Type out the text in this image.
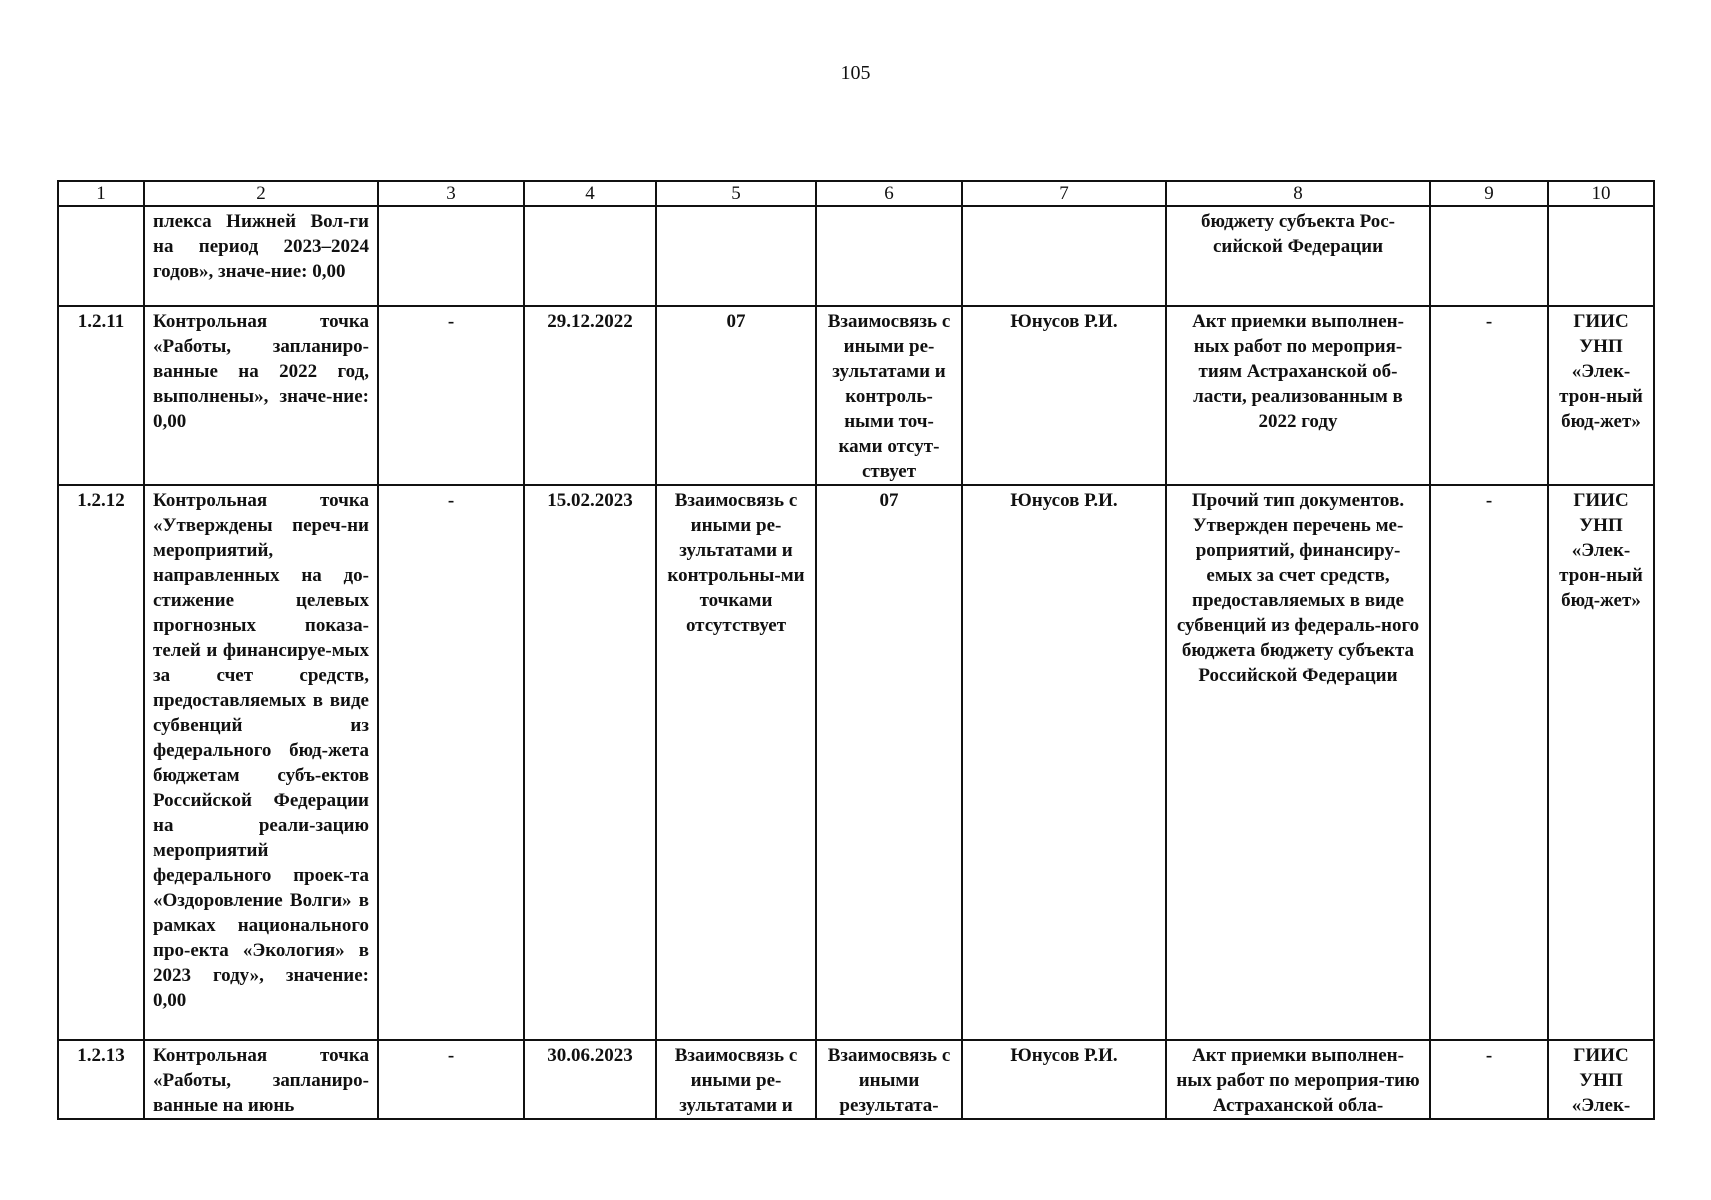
105
1	2	3	4	5	6	7	8	9	10
	плекса Нижней Вол-ги на период 2023–2024 годов», значе-ние: 0,00						бюджету субъекта Рос-сийской Федерации		
1.2.11	Контрольная точка «Работы, запланиро-ванные на 2022 год, выполнены», значе-ние: 0,00	-	29.12.2022	07	Взаимосвязь с иными ре-зультатами и контроль-ными точ-ками отсут-ствует	Юнусов Р.И.	Акт приемки выполнен-ных работ по мероприя-тиям Астраханской об-ласти, реализованным в 2022 году	-	ГИИС УНП «Элек-трон-ный бюд-жет»
1.2.12	Контрольная точка «Утверждены переч-ни мероприятий, направленных на до-стижение целевых прогнозных показа-телей и финансируе-мых за счет средств, предоставляемых в виде субвенций из федерального бюд-жета бюджетам субъ-ектов Российской Федерации на реали-зацию мероприятий федерального проек-та «Оздоровление Волги» в рамках национального про-екта «Экология» в 2023 году», значение: 0,00	-	15.02.2023	Взаимосвязь с иными ре-зультатами и контрольны-ми точками отсутствует	07	Юнусов Р.И.	Прочий тип документов. Утвержден перечень ме-роприятий, финансиру-емых за счет средств, предоставляемых в виде субвенций из федераль-ного бюджета бюджету субъекта Российской Федерации	-	ГИИС УНП «Элек-трон-ный бюд-жет»
1.2.13	Контрольная точка «Работы, запланиро-ванные на июнь	-	30.06.2023	Взаимосвязь с иными ре-зультатами и	Взаимосвязь с иными результата-	Юнусов Р.И.	Акт приемки выполнен-ных работ по мероприя-тию Астраханской обла-	-	ГИИС УНП «Элек-
